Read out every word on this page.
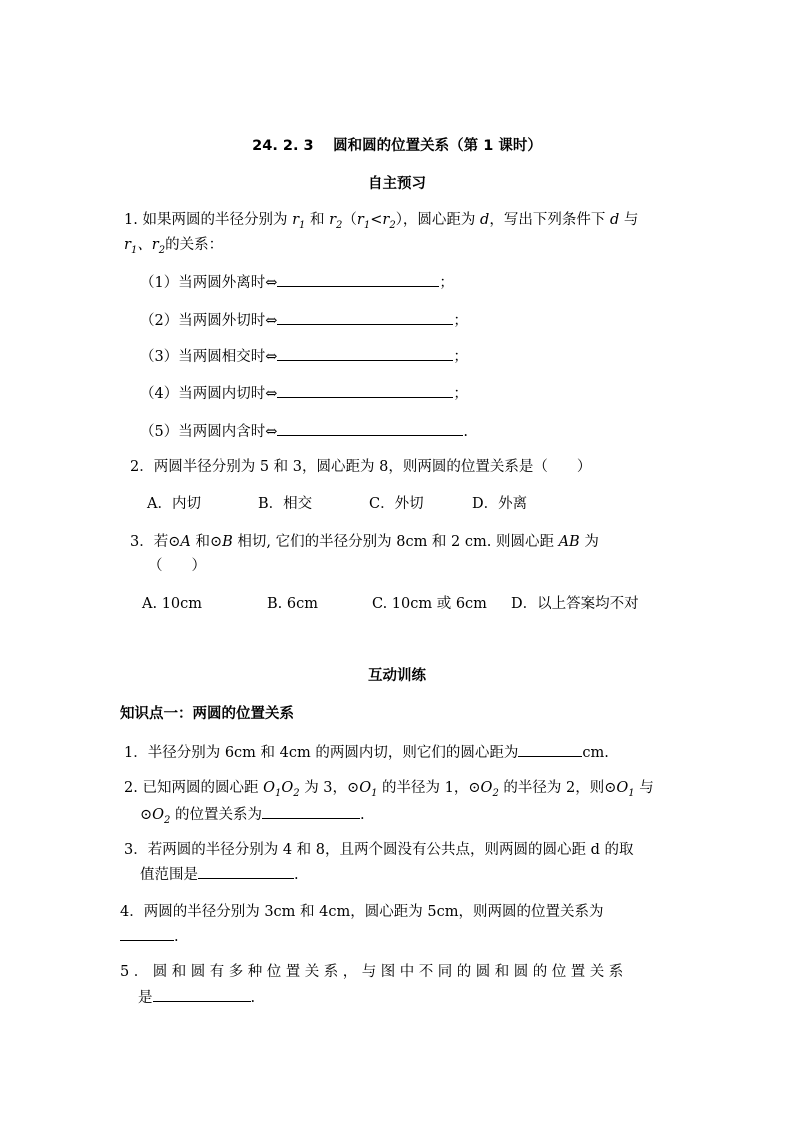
24. 2. 3　 圆和圆的位置关系（第 1 课时）
自主预习
1. 如果两圆的半径分别为 $r_1$ 和 $r_2(r_1<r_2)$，圆心距为 d，写出下列条件下 d 与
$r_1$、$r_2$的关系：
（1）当两圆外离时⇔	；
（2）当两圆外切时⇔	；
（3）当两圆相交时⇔	；
（4）当两圆内切时⇔	；
（5）当两圆内含时⇔	.
2．两圆半径分别为 5 和 3，圆心距为 8，则两圆的位置关系是（　　）
A．内切	B．相交	C．外切	D．外离
3．若⊙A 和⊙B 相切, 它们的半径分别为 8cm 和 2 cm. 则圆心距 AB 为
（　　）
A. 10cm	B. 6cm	C. 10cm 或 6cm D．以上答案均不对
互动训练
知识点一：两圆的位置关系
1．半径分别为 6cm 和 4cm 的两圆内切，则它们的圆心距为	cm.
2. 已知两圆的圆心距 $O_1O_2$ 为 3，$⊙O_1$ 的半径为 1，$⊙O_2$ 的半径为 2，则$⊙O_1$ 与
$⊙O_2$ 的位置关系为	.
3．若两圆的半径分别为 4 和 8，且两个圆没有公共点，则两圆的圆心距 d 的取
值范围是	.
4．两圆的半径分别为 3cm 和 4cm，圆心距为 5cm，则两圆的位置关系为
.
5．圆和圆有多种位置关系，与图中不同的圆和圆的位置关系
是	.
